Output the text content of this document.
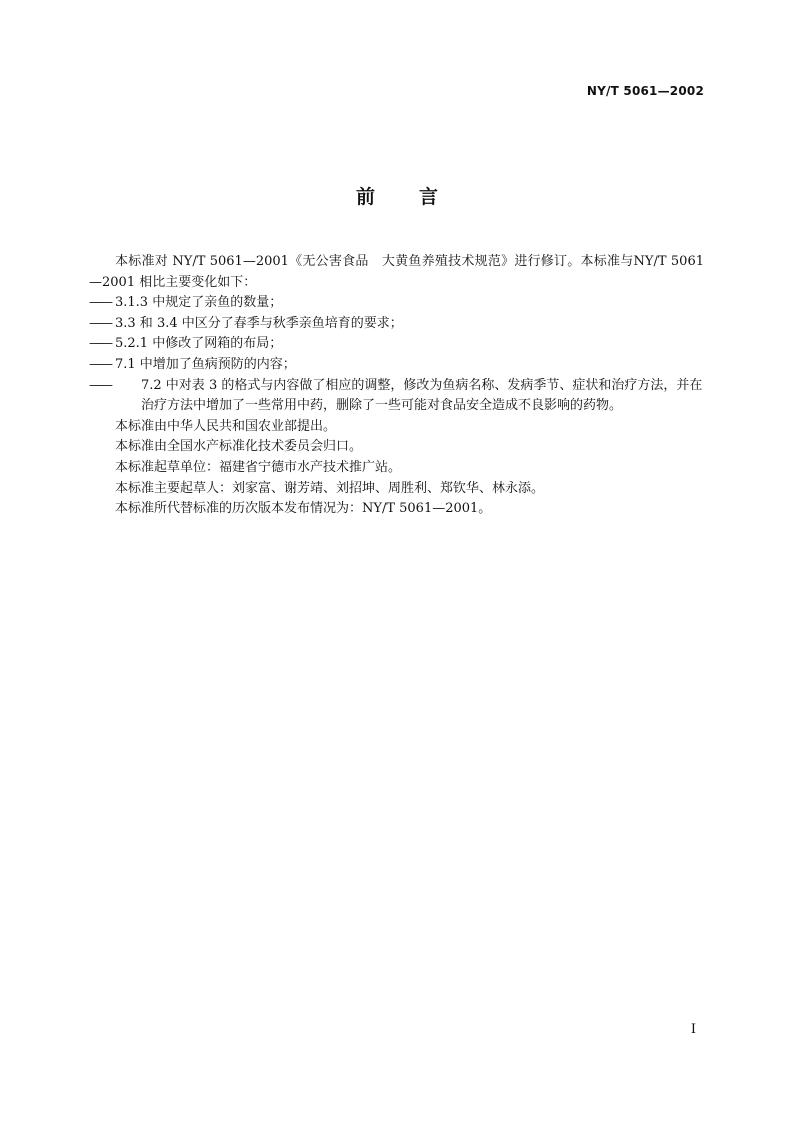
NY/T 5061—2002
前 言

本标准对 NY/T 5061—2001《无公害食品　大黄鱼养殖技术规范》进行修订。本标准与NY/T 5061—2001 相比主要变化如下：

—— 3.1.3 中规定了亲鱼的数量；

—— 3.3 和 3.4 中区分了春季与秋季亲鱼培育的要求；

—— 5.2.1 中修改了网箱的布局；

—— 7.1 中增加了鱼病预防的内容；

—— 7.2 中对表 3 的格式与内容做了相应的调整，修改为鱼病名称、发病季节、症状和治疗方法，并在治疗方法中增加了一些常用中药，删除了一些可能对食品安全造成不良影响的药物。

本标准由中华人民共和国农业部提出。

本标准由全国水产标准化技术委员会归口。

本标准起草单位：福建省宁德市水产技术推广站。

本标准主要起草人：刘家富、谢芳靖、刘招坤、周胜利、郑钦华、林永添。

本标准所代替标准的历次版本发布情况为：NY/T 5061—2001。

I
